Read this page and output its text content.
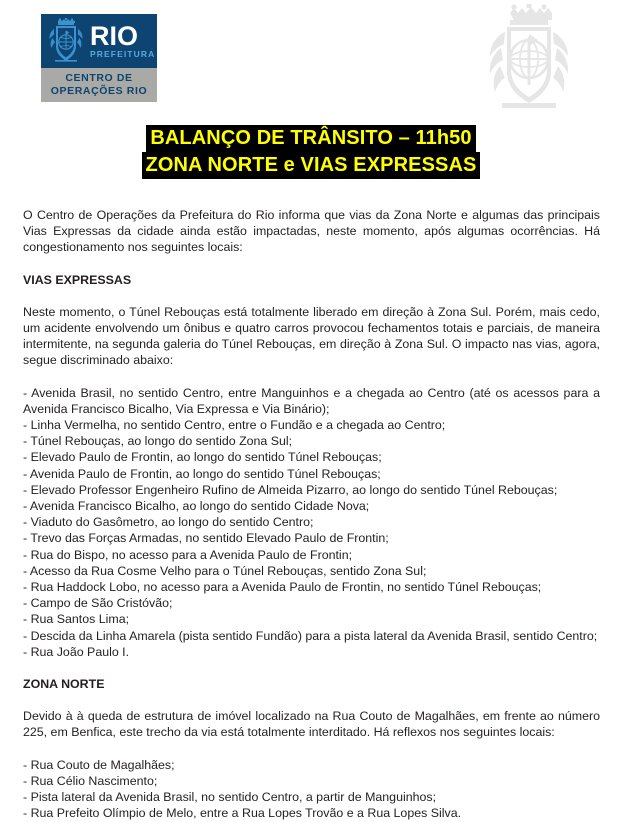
RIO
PREFEITURA
CENTRO DE
OPERAÇÕES RIO
BALANÇO DE TRÂNSITO – 11h50
ZONA NORTE e VIAS EXPRESSAS

O Centro de Operações da Prefeitura do Rio informa que vias da Zona Norte e algumas das principais Vias Expressas da cidade ainda estão impactadas, neste momento, após algumas ocorrências. Há congestionamento nos seguintes locais:

VIAS EXPRESSAS

Neste momento, o Túnel Rebouças está totalmente liberado em direção à Zona Sul. Porém, mais cedo, um acidente envolvendo um ônibus e quatro carros provocou fechamentos totais e parciais, de maneira intermitente, na segunda galeria do Túnel Rebouças, em direção à Zona Sul. O impacto nas vias, agora, segue discriminado abaixo:

- Avenida Brasil, no sentido Centro, entre Manguinhos e a chegada ao Centro (até os acessos para a Avenida Francisco Bicalho, Via Expressa e Via Binário);
- Linha Vermelha, no sentido Centro, entre o Fundão e a chegada ao Centro;
- Túnel Rebouças, ao longo do sentido Zona Sul;
- Elevado Paulo de Frontin, ao longo do sentido Túnel Rebouças;
- Avenida Paulo de Frontin, ao longo do sentido Túnel Rebouças;
- Elevado Professor Engenheiro Rufino de Almeida Pizarro, ao longo do sentido Túnel Rebouças;
- Avenida Francisco Bicalho, ao longo do sentido Cidade Nova;
- Viaduto do Gasômetro, ao longo do sentido Centro;
- Trevo das Forças Armadas, no sentido Elevado Paulo de Frontin;
- Rua do Bispo, no acesso para a Avenida Paulo de Frontin;
- Acesso da Rua Cosme Velho para o Túnel Rebouças, sentido Zona Sul;
- Rua Haddock Lobo, no acesso para a Avenida Paulo de Frontin, no sentido Túnel Rebouças;
- Campo de São Cristóvão;
- Rua Santos Lima;
- Descida da Linha Amarela (pista sentido Fundão) para a pista lateral da Avenida Brasil, sentido Centro;
- Rua João Paulo I.
ZONA NORTE

Devido à à queda de estrutura de imóvel localizado na Rua Couto de Magalhães, em frente ao número 225, em Benfica, este trecho da via está totalmente interditado. Há reflexos nos seguintes locais:

- Rua Couto de Magalhães;
- Rua Célio Nascimento;
- Pista lateral da Avenida Brasil, no sentido Centro, a partir de Manguinhos;
- Rua Prefeito Olímpio de Melo, entre a Rua Lopes Trovão e a Rua Lopes Silva.
